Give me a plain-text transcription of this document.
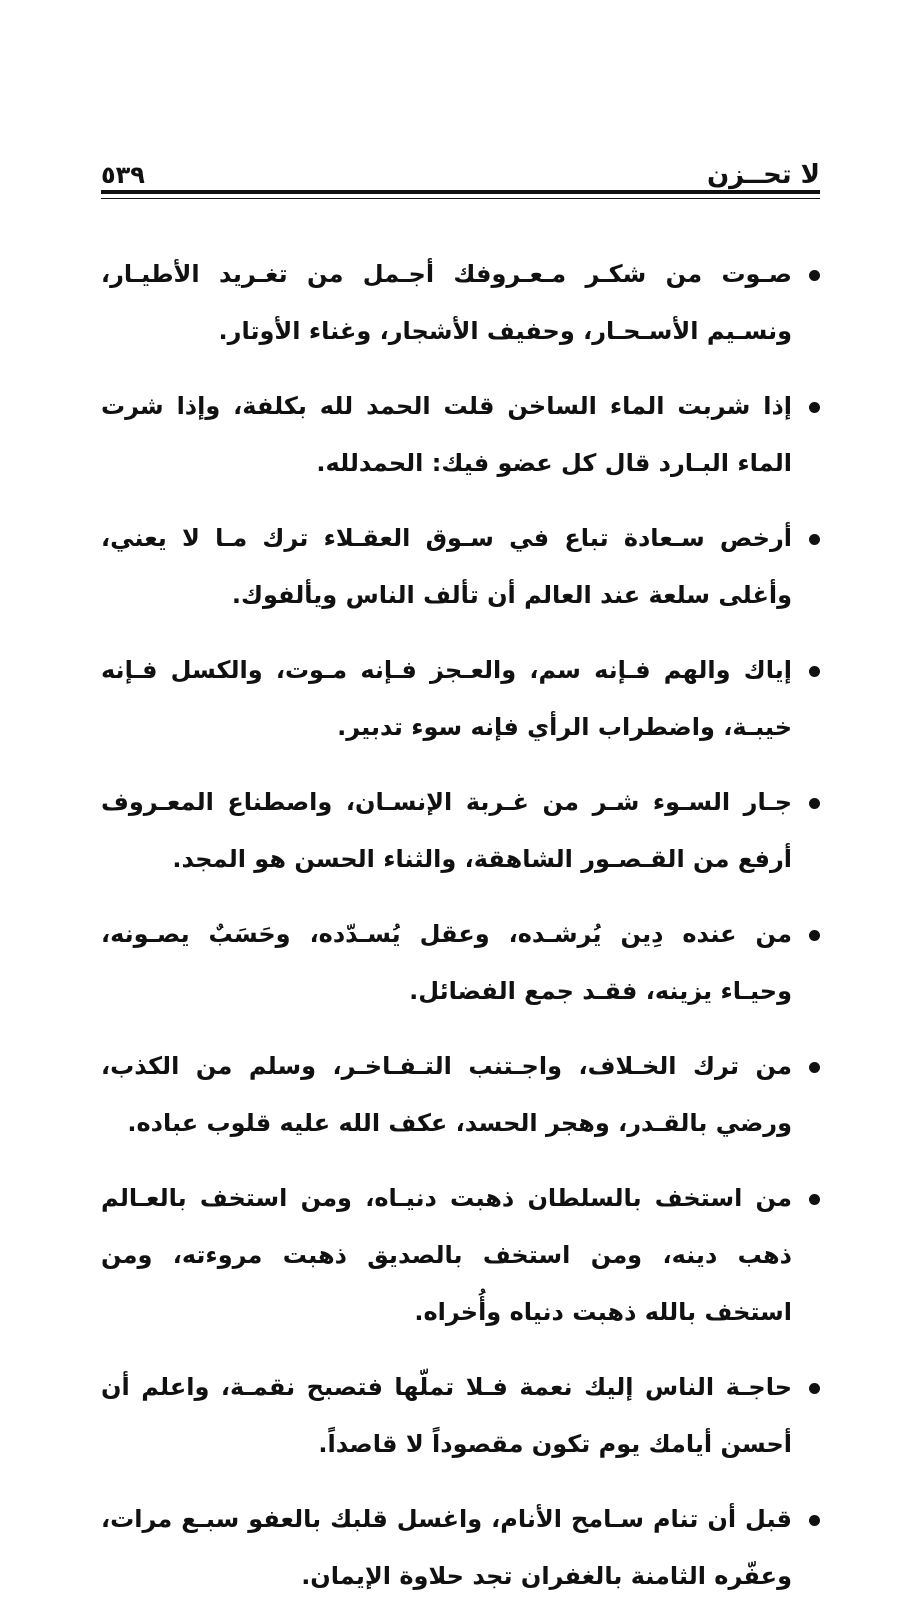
لا تحــزن
٥٣٩
صـوت من شكـر مـعـروفك أجـمل من تغـريد الأطيـار، ونسـيم الأسـحـار، وحفيف الأشجار، وغناء الأوتار.
إذا شربت الماء الساخن قلت الحمد لله بكلفة، وإذا شرت الماء البـارد قال كل عضو فيك: الحمدلله.
أرخص سـعادة تباع في سـوق العقـلاء ترك مـا لا يعني، وأغلى سلعة عند العالم أن تألف الناس ويألفوك.
إياك والهم فـإنه سم، والعـجز فـإنه مـوت، والكسل فـإنه خيبـة، واضطراب الرأي فإنه سوء تدبير.
جـار السـوء شـر من غـربة الإنسـان، واصطناع المعـروف أرفع من القـصـور الشاهقة، والثناء الحسن هو المجد.
من عنده دِين يُرشـده، وعقل يُسـدّده، وحَسَبٌ يصـونه، وحيـاء يزينه، فقـد جمع الفضائل.
من ترك الخـلاف، واجـتنب التـفـاخـر، وسلم من الكذب، ورضي بالقـدر، وهجر الحسد، عكف الله عليه قلوب عباده.
من استخف بالسلطان ذهبت دنيـاه، ومن استخف بالعـالم ذهب دينه، ومن استخف بالصديق ذهبت مروءته، ومن استخف بالله ذهبت دنياه وأُخراه.
حاجـة الناس إليك نعمة فـلا تملّها فتصبح نقمـة، واعلم أن أحسن أيامك يوم تكون مقصوداً لا قاصداً.
قبل أن تنام سـامح الأنام، واغسل قلبك بالعفو سبـع مرات، وعفّره الثامنة بالغفران تجد حلاوة الإيمان.
